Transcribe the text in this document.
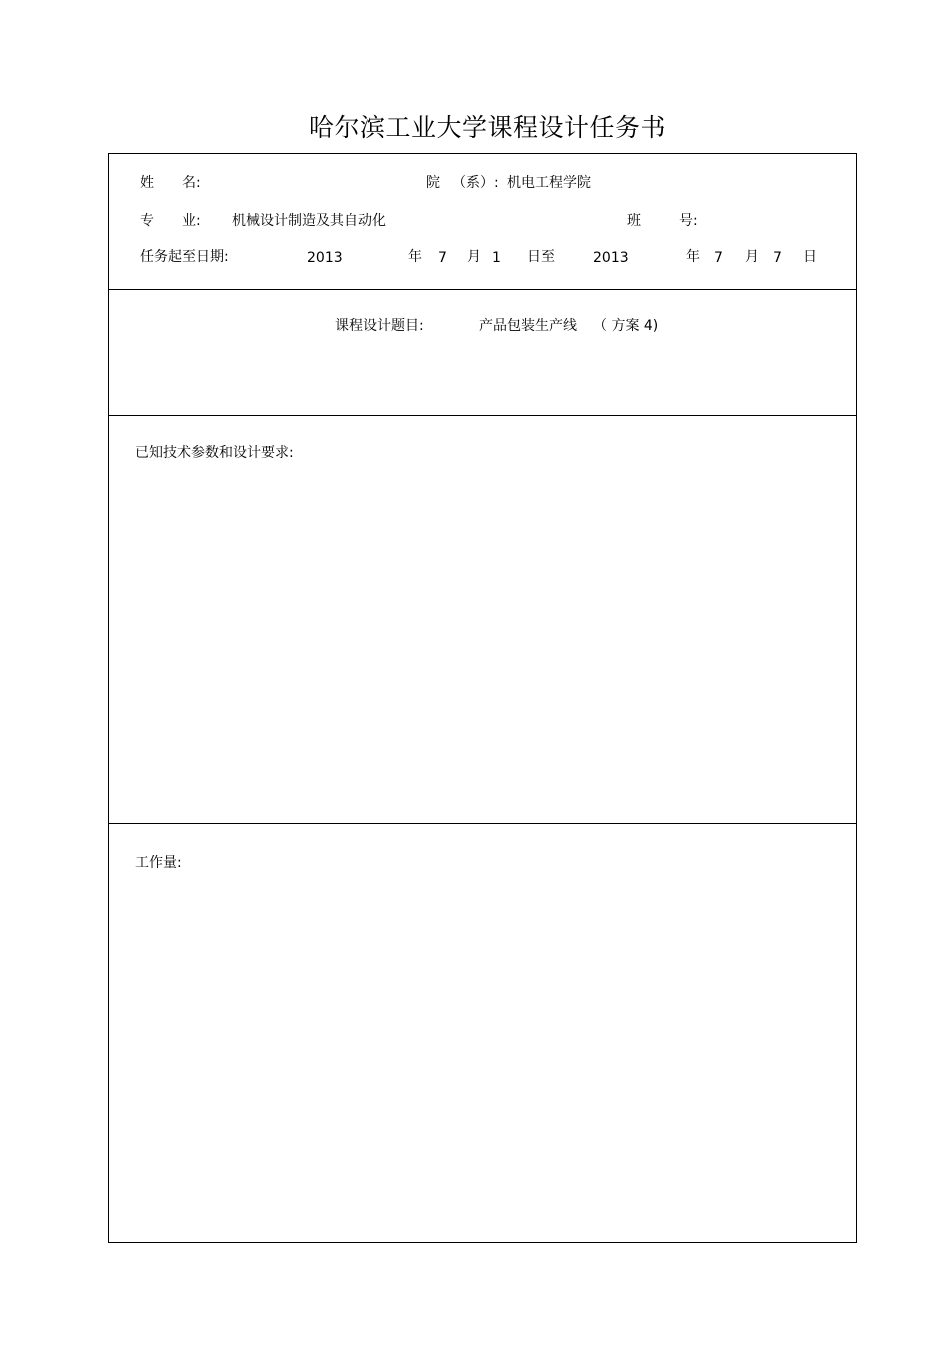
哈尔滨工业大学课程设计任务书
姓 名:	院 （系）: 机电工程学院
专 业: 机械设计制造及其自动化	班	号:
任务起至日期:	2013	年 7 月 1 日至	2013	年 7 月 7 日
课程设计题目:	产品包装生产线 （ 方案 4)
已知技术参数和设计要求:
工作量:
